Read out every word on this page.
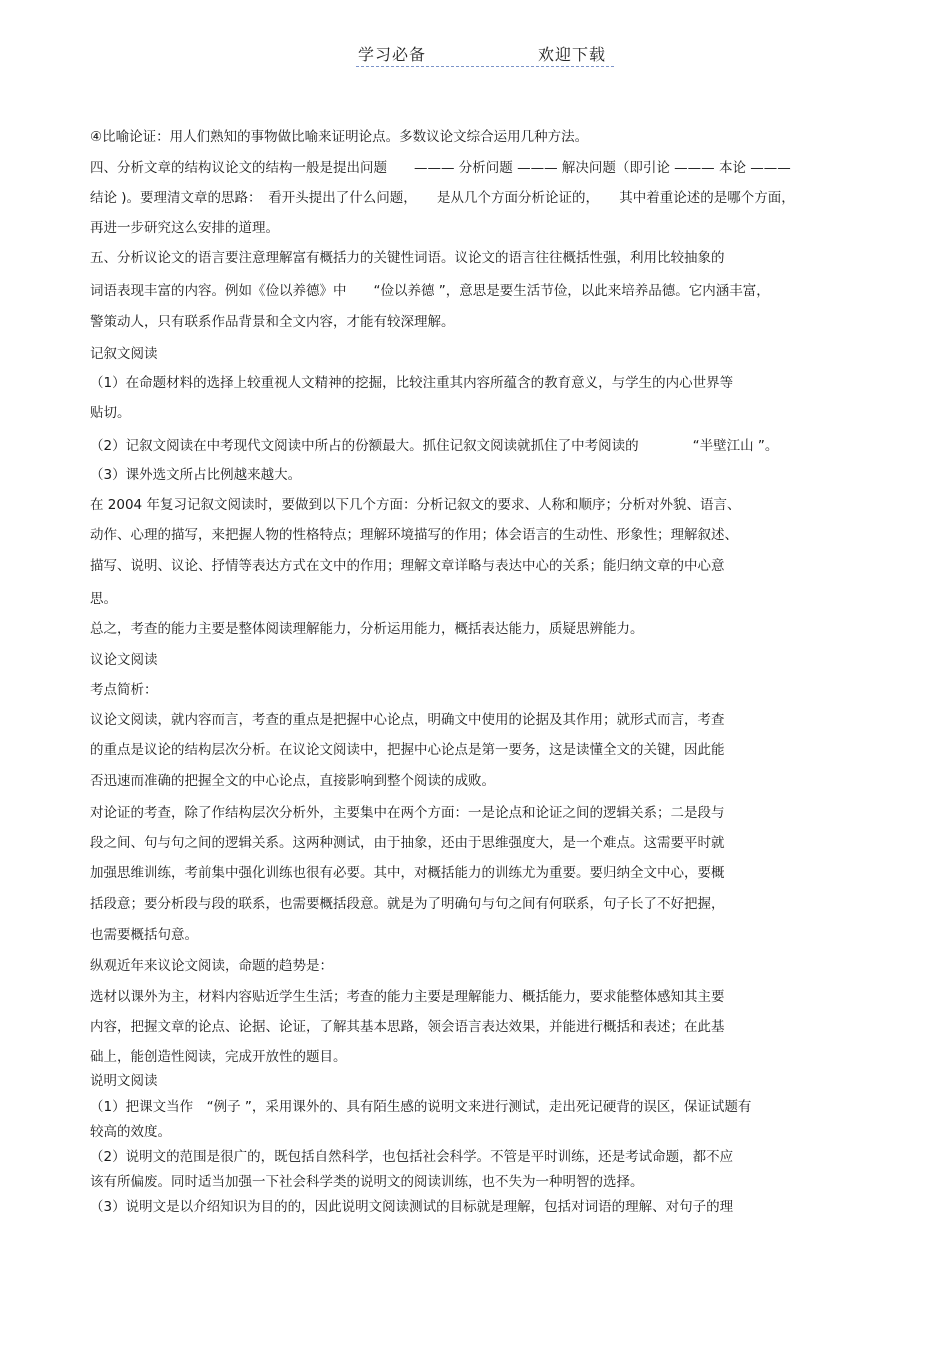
学习必备	欢迎下载
④比喻论证：用人们熟知的事物做比喻来证明论点。多数议论文综合运用几种方法。
四、分析文章的结构议论文的结构一般是提出问题　　——— 分析问题 ——— 解决问题（即引论 ——— 本论 ———
结论 )。要理清文章的思路：　看开头提出了什么问题，　　是从几个方面分析论证的，　　其中着重论述的是哪个方面，
再进一步研究这么安排的道理。
五、分析议论文的语言要注意理解富有概括力的关键性词语。议论文的语言往往概括性强，利用比较抽象的
词语表现丰富的内容。例如《俭以养德》中　　“俭以养德 ”，意思是要生活节俭，以此来培养品德。它内涵丰富，
警策动人，只有联系作品背景和全文内容，才能有较深理解。
记叙文阅读
（1）在命题材料的选择上较重视人文精神的挖掘，比较注重其内容所蕴含的教育意义，与学生的内心世界等
贴切。
（2）记叙文阅读在中考现代文阅读中所占的份额最大。抓住记叙文阅读就抓住了中考阅读的　　　　“半壁江山 ”。
（3）课外选文所占比例越来越大。
在 2004 年复习记叙文阅读时，要做到以下几个方面：分析记叙文的要求、人称和顺序；分析对外貌、语言、
动作、心理的描写，来把握人物的性格特点；理解环境描写的作用；体会语言的生动性、形象性；理解叙述、
描写、说明、议论、抒情等表达方式在文中的作用；理解文章详略与表达中心的关系；能归纳文章的中心意
思。
总之，考查的能力主要是整体阅读理解能力，分析运用能力，概括表达能力，质疑思辨能力。
议论文阅读
考点简析：
议论文阅读，就内容而言，考查的重点是把握中心论点，明确文中使用的论据及其作用；就形式而言，考查
的重点是议论的结构层次分析。在议论文阅读中，把握中心论点是第一要务，这是读懂全文的关键，因此能
否迅速而准确的把握全文的中心论点，直接影响到整个阅读的成败。
对论证的考查，除了作结构层次分析外，主要集中在两个方面：一是论点和论证之间的逻辑关系；二是段与
段之间、句与句之间的逻辑关系。这两种测试，由于抽象，还由于思维强度大，是一个难点。这需要平时就
加强思维训练，考前集中强化训练也很有必要。其中，对概括能力的训练尤为重要。要归纳全文中心，要概
括段意；要分析段与段的联系，也需要概括段意。就是为了明确句与句之间有何联系，句子长了不好把握，
也需要概括句意。
纵观近年来议论文阅读，命题的趋势是：
选材以课外为主，材料内容贴近学生生活；考查的能力主要是理解能力、概括能力，要求能整体感知其主要
内容，把握文章的论点、论据、论证，了解其基本思路，领会语言表达效果，并能进行概括和表述；在此基
础上，能创造性阅读，完成开放性的题目。
说明文阅读
（1）把课文当作　“例子 ”，采用课外的、具有陌生感的说明文来进行测试，走出死记硬背的误区，保证试题有
较高的效度。
（2）说明文的范围是很广的，既包括自然科学，也包括社会科学。不管是平时训练，还是考试命题，都不应
该有所偏废。同时适当加强一下社会科学类的说明文的阅读训练，也不失为一种明智的选择。
（3）说明文是以介绍知识为目的的，因此说明文阅读测试的目标就是理解，包括对词语的理解、对句子的理
